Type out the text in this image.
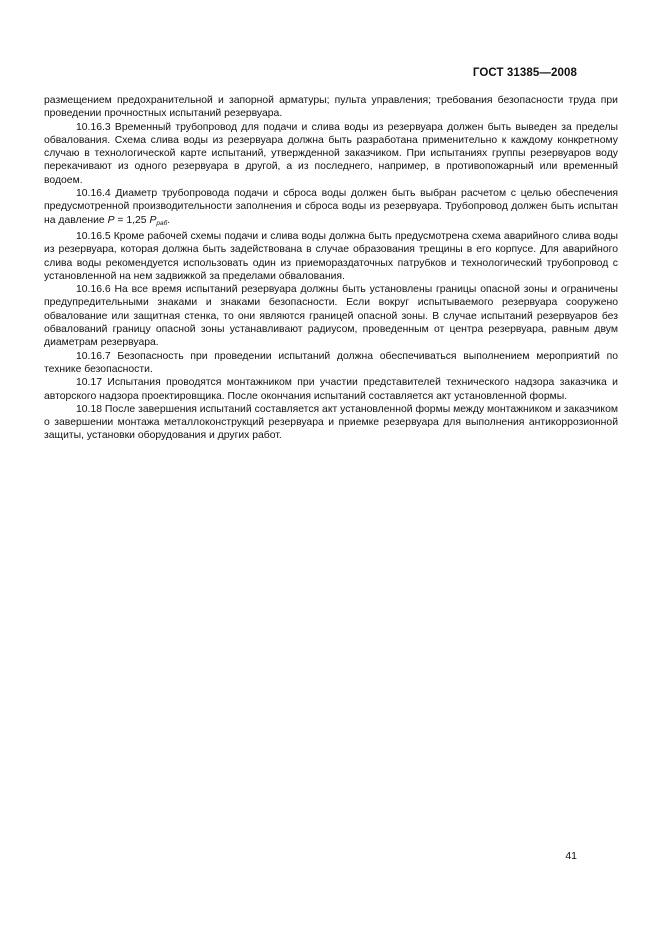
ГОСТ 31385—2008

размещением предохранительной и запорной арматуры; пульта управления; требования безопасности труда при проведении прочностных испытаний резервуара.

10.16.3 Временный трубопровод для подачи и слива воды из резервуара должен быть выведен за пределы обвалования. Схема слива воды из резервуара должна быть разработана применительно к каждому конкретному случаю в технологической карте испытаний, утвержденной заказчиком. При испытаниях группы резервуаров воду перекачивают из одного резервуара в другой, а из последнего, например, в противопожарный или временный водоем.

10.16.4 Диаметр трубопровода подачи и сброса воды должен быть выбран расчетом с целью обеспечения предусмотренной производительности заполнения и сброса воды из резервуара. Трубопровод должен быть испытан на давление P = 1,25 $P_{раб}$.

10.16.5 Кроме рабочей схемы подачи и слива воды должна быть предусмотрена схема аварийного слива воды из резервуара, которая должна быть задействована в случае образования трещины в его корпусе. Для аварийного слива воды рекомендуется использовать один из приемораздаточных патрубков и технологический трубопровод с установленной на нем задвижкой за пределами обвалования.

10.16.6 На все время испытаний резервуара должны быть установлены границы опасной зоны и ограничены предупредительными знаками и знаками безопасности. Если вокруг испытываемого резервуара сооружено обвалование или защитная стенка, то они являются границей опасной зоны. В случае испытаний резервуаров без обвалований границу опасной зоны устанавливают радиусом, проведенным от центра резервуара, равным двум диаметрам резервуара.

10.16.7 Безопасность при проведении испытаний должна обеспечиваться выполнением мероприятий по технике безопасности.

10.17 Испытания проводятся монтажником при участии представителей технического надзора заказчика и авторского надзора проектировщика. После окончания испытаний составляется акт установленной формы.

10.18 После завершения испытаний составляется акт установленной формы между монтажником и заказчиком о завершении монтажа металлоконструкций резервуара и приемке резервуара для выполнения антикоррозионной защиты, установки оборудования и других работ.

41
